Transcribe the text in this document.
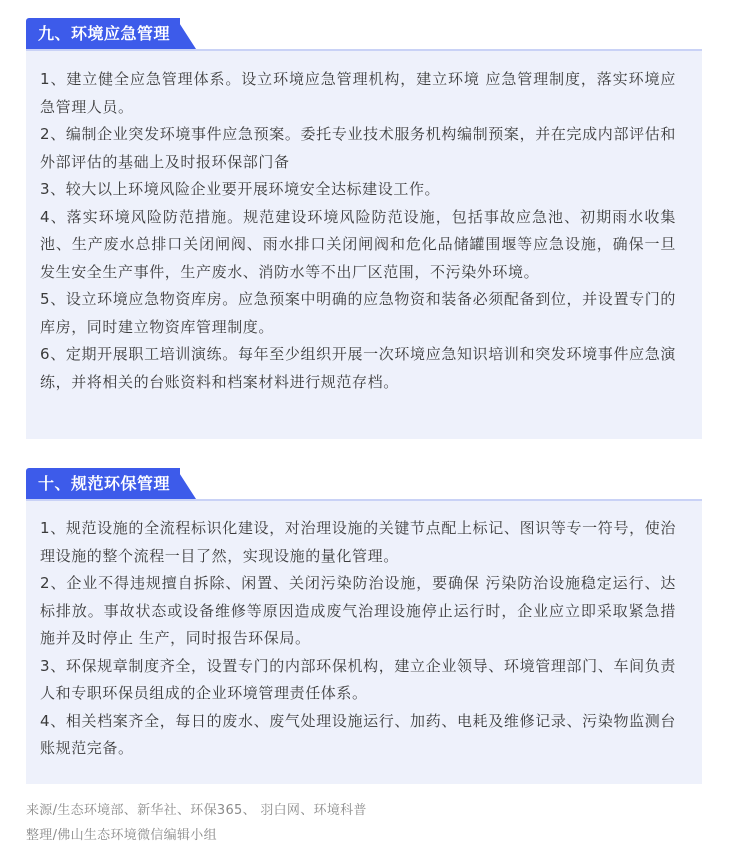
九、环境应急管理

1、建立健全应急管理体系。设立环境应急管理机构，建立环境 应急管理制度，落实环境应急管理人员。

2、编制企业突发环境事件应急预案。委托专业技术服务机构编制预案，并在完成内部评估和外部评估的基础上及时报环保部门备

3、较大以上环境风险企业要开展环境安全达标建设工作。

4、落实环境风险防范措施。规范建设环境风险防范设施，包括事故应急池、初期雨水收集池、生产废水总排口关闭闸阀、雨水排口关闭闸阀和危化品储罐围堰等应急设施，确保一旦发生安全生产事件，生产废水、消防水等不出厂区范围，不污染外环境。

5、设立环境应急物资库房。应急预案中明确的应急物资和装备必须配备到位，并设置专门的库房，同时建立物资库管理制度。

6、定期开展职工培训演练。每年至少组织开展一次环境应急知识培训和突发环境事件应急演练，并将相关的台账资料和档案材料进行规范存档。

十、规范环保管理

1、规范设施的全流程标识化建设，对治理设施的关键节点配上标记、图识等专一符号，使治理设施的整个流程一目了然，实现设施的量化管理。

2、企业不得违规擅自拆除、闲置、关闭污染防治设施，要确保 污染防治设施稳定运行、达标排放。事故状态或设备维修等原因造成废气治理设施停止运行时，企业应立即采取紧急措施并及时停止 生产，同时报告环保局。

3、环保规章制度齐全，设置专门的内部环保机构，建立企业领导、环境管理部门、车间负责人和专职环保员组成的企业环境管理责任体系。

4、相关档案齐全，每日的废水、废气处理设施运行、加药、电耗及维修记录、污染物监测台账规范完备。

来源/生态环境部、新华社、环保365、 羽白网、环境科普

整理/佛山生态环境微信编辑小组
